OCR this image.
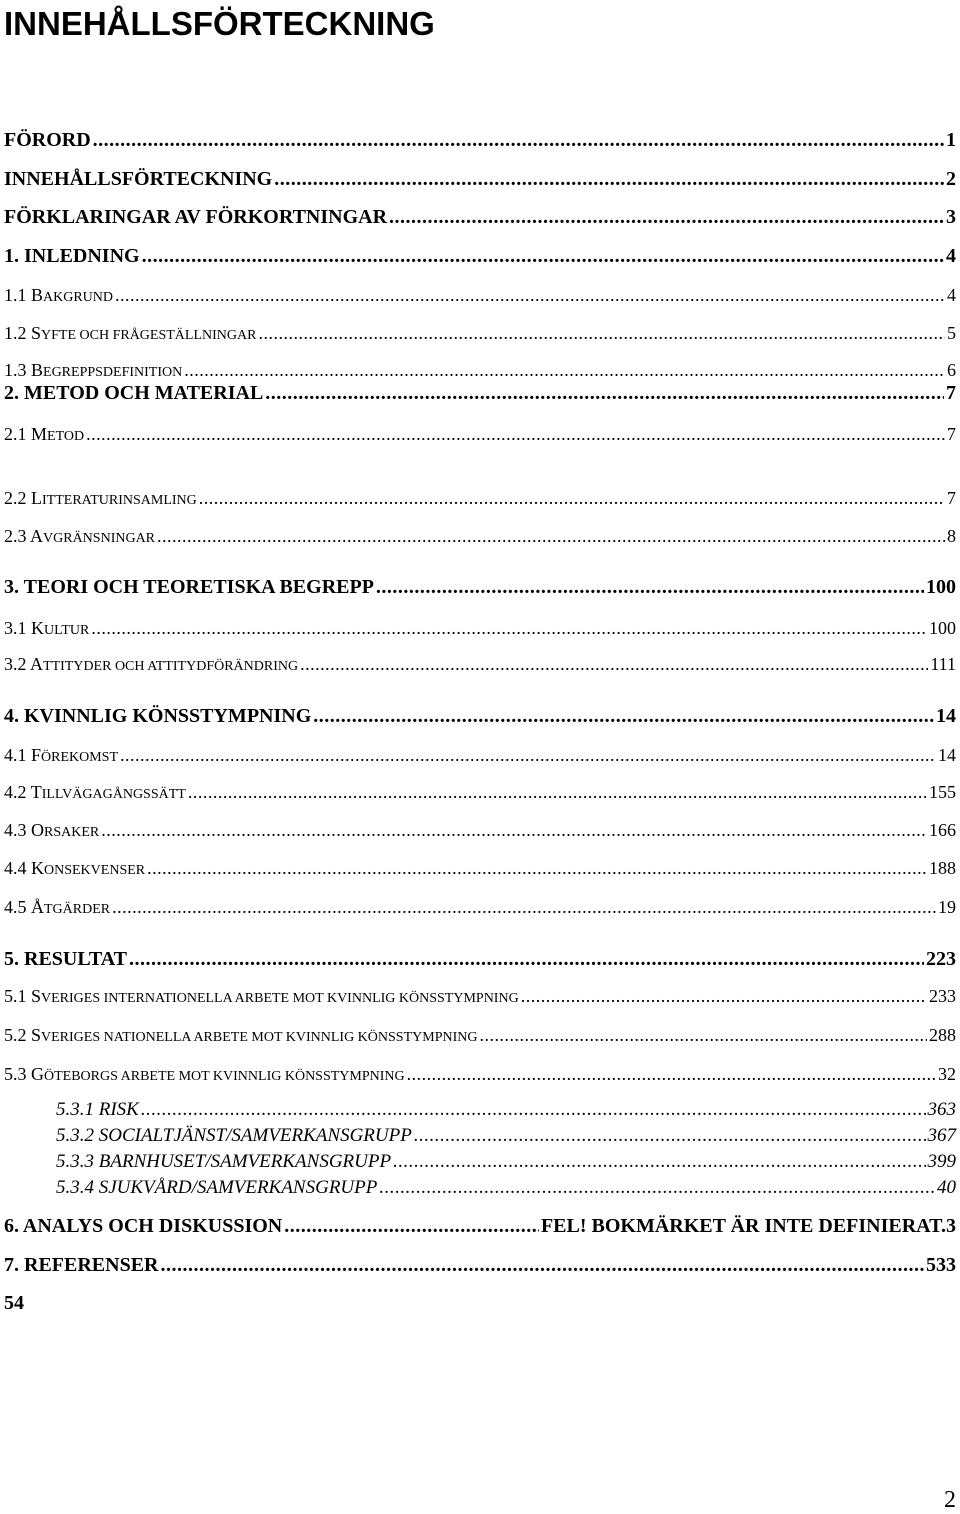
INNEHÅLLSFÖRTECKNING
FÖRORD .....	1
INNEHÅLLSFÖRTECKNING .....	2
FÖRKLARINGAR AV FÖRKORTNINGAR .....	3
1. INLEDNING .....	4
1.1 BAKGRUND .....	4
1.2 SYFTE OCH FRÅGESTÄLLNINGAR .....	5
1.3 BEGREPPSDEFINITION .....	6
2. METOD OCH MATERIAL .....	7
2.1 METOD .....	7
2.2 LITTERATURINSAMLING .....	7
2.3 AVGRÄNSNINGAR .....	8
3. TEORI OCH TEORETISKA BEGREPP .....	100
3.1 KULTUR .....	100
3.2 ATTITYDER OCH ATTITYDFÖRÄNDRING .....	111
4. KVINNLIG KÖNSSTYMPNING .....	14
4.1 FÖREKOMST .....	14
4.2 TILLVÄGAGÅNGSSÄTT .....	155
4.3 ORSAKER .....	166
4.4 KONSEKVENSER .....	188
4.5 ÅTGÄRDER .....	19
5. RESULTAT .....	223
5.1 SVERIGES INTERNATIONELLA ARBETE MOT KVINNLIG KÖNSSTYMPNING .....	233
5.2 SVERIGES NATIONELLA ARBETE MOT KVINNLIG KÖNSSTYMPNING .....	288
5.3 GÖTEBORGS ARBETE MOT KVINNLIG KÖNSSTYMPNING .....	32
5.3.1 RISK .....	363
5.3.2 SOCIALTJÄNST/SAMVERKANSGRUPP .....	367
5.3.3 BARNHUSET/SAMVERKANSGRUPP .....	399
5.3.4 SJUKVÅRD/SAMVERKANSGRUPP .....	40
6. ANALYS OCH DISKUSSION .....	FEL! BOKMÄRKET ÄR INTE DEFINIERAT.3
7. REFERENSER .....	533
54
2
